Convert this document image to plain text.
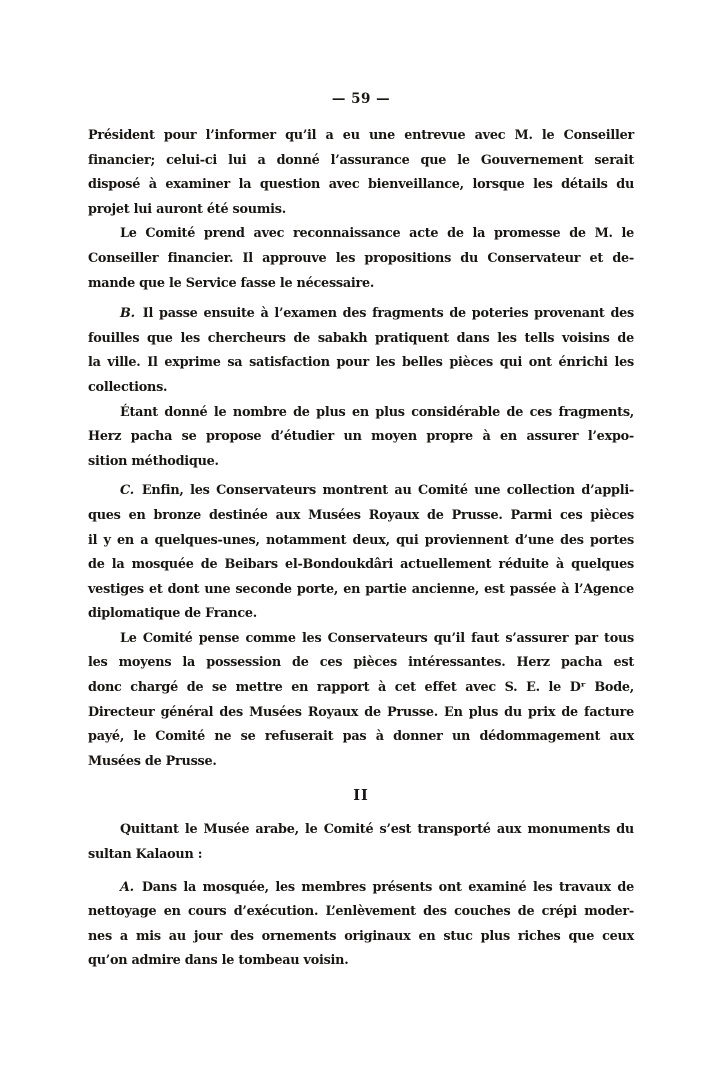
— 59 —
Président pour l’informer qu’il a eu une entrevue avec M. le Conseiller
financier; celui-ci lui a donné l’assurance que le Gouvernement serait
disposé à examiner la question avec bienveillance, lorsque les détails du
projet lui auront été soumis.
Le Comité prend avec reconnaissance acte de la promesse de M. le
Conseiller financier. Il approuve les propositions du Conservateur et de-
mande que le Service fasse le nécessaire.
B. Il passe ensuite à l’examen des fragments de poteries provenant des
fouilles que les chercheurs de sabakh pratiquent dans les tells voisins de
la ville. Il exprime sa satisfaction pour les belles pièces qui ont énrichi les
collections.
Étant donné le nombre de plus en plus considérable de ces fragments,
Herz pacha se propose d’étudier un moyen propre à en assurer l’expo-
sition méthodique.
C. Enfin, les Conservateurs montrent au Comité une collection d’appli-
ques en bronze destinée aux Musées Royaux de Prusse. Parmi ces pièces
il y en a quelques-unes, notamment deux, qui proviennent d’une des portes
de la mosquée de Beibars el-Bondoukdâri actuellement réduite à quelques
vestiges et dont une seconde porte, en partie ancienne, est passée à l’Agence
diplomatique de France.
Le Comité pense comme les Conservateurs qu’il faut s’assurer par tous
les moyens la possession de ces pièces intéressantes. Herz pacha est
donc chargé de se mettre en rapport à cet effet avec S. E. le Dʳ Bode,
Directeur général des Musées Royaux de Prusse. En plus du prix de facture
payé, le Comité ne se refuserait pas à donner un dédommagement aux
Musées de Prusse.
II
Quittant le Musée arabe, le Comité s’est transporté aux monuments du
sultan Kalaoun :
A. Dans la mosquée, les membres présents ont examiné les travaux de
nettoyage en cours d’exécution. L’enlèvement des couches de crépi moder-
nes a mis au jour des ornements originaux en stuc plus riches que ceux
qu’on admire dans le tombeau voisin.
